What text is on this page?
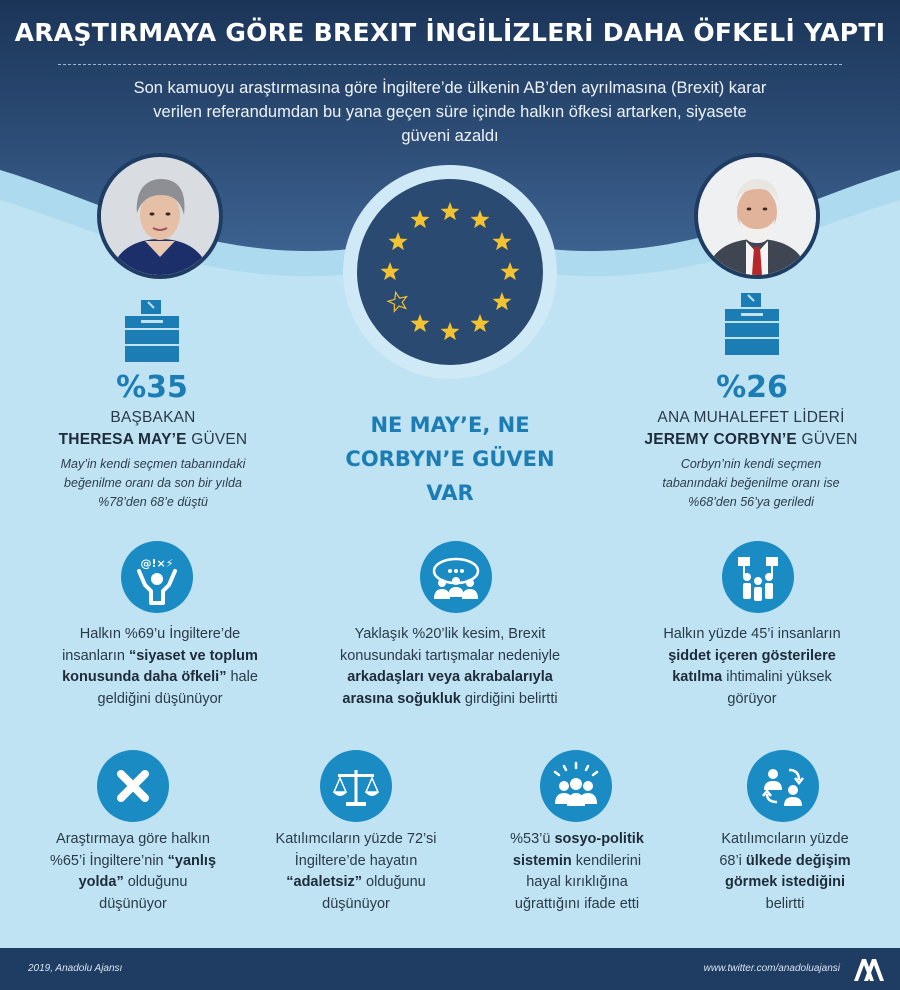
ARAŞTIRMAYA GÖRE BREXIT İNGİLİZLERİ DAHA ÖFKELİ YAPTI
Son kamuoyu araştırmasına göre İngiltere’de ülkenin AB’den ayrılmasına (Brexit) karar
verilen referandumdan bu yana geçen süre içinde halkın öfkesi artarken, siyasete
güveni azaldı
%35
BAŞBAKAN
THERESA MAY’E GÜVEN
May’in kendi seçmen tabanındaki
beğenilme oranı da son bir yılda
%78’den 68’e düştü
%26
ANA MUHALEFET LİDERİ
JEREMY CORBYN’E GÜVEN
Corbyn’nin kendi seçmen
tabanındaki beğenilme oranı ise
%68’den 56’ya geriledi
NE MAY’E, NE
CORBYN’E GÜVEN
VAR
@!×⚡
Halkın %69’u İngiltere’de
insanların “siyaset ve toplum
konusunda daha öfkeli” hale
geldiğini düşünüyor
Yaklaşık %20’lik kesim, Brexit
konusundaki tartışmalar nedeniyle
arkadaşları veya akrabalarıyla
arasına soğukluk girdiğini belirtti
Halkın yüzde 45’i insanların
şiddet içeren gösterilere
katılma ihtimalini yüksek
görüyor
Araştırmaya göre halkın
%65’i İngiltere’nin “yanlış
yolda” olduğunu
düşünüyor
Katılımcıların yüzde 72’si
İngiltere’de hayatın
“adaletsiz” olduğunu
düşünüyor
%53’ü sosyo-politik
sistemin kendilerini
hayal kırıklığına
uğrattığını ifade etti
Katılımcıların yüzde
68’i ülkede değişim
görmek istediğini
belirtti
2019, Anadolu Ajansı	www.twitter.com/anadoluajansi
AA
